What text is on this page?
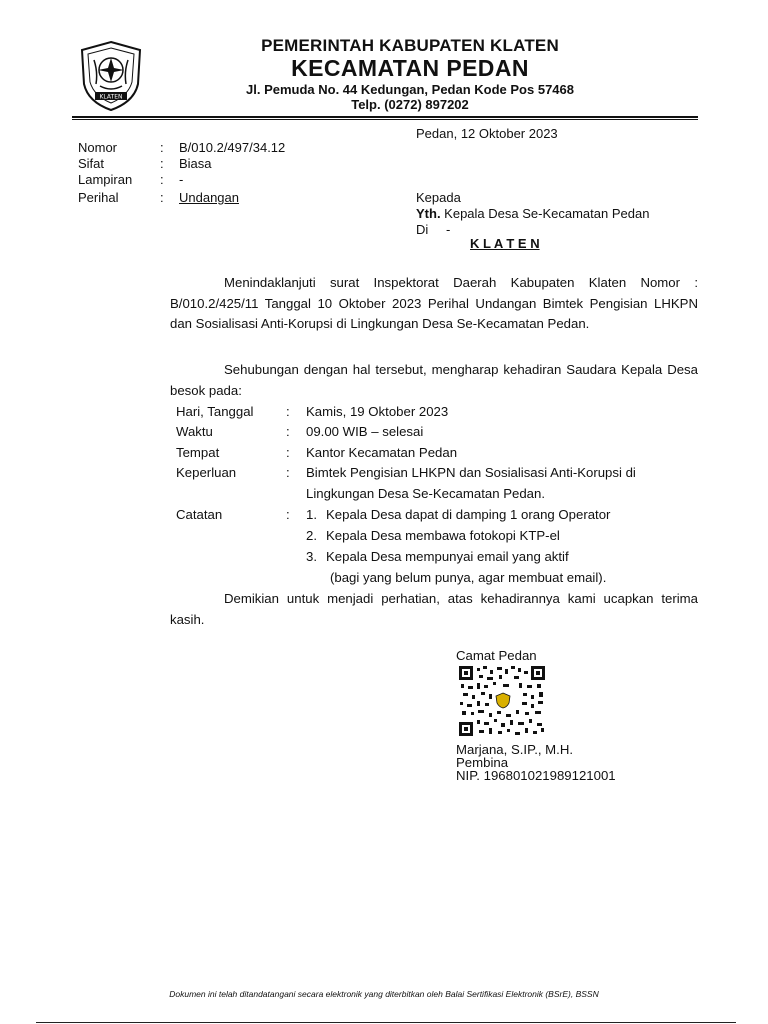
KLATEN
PEMERINTAH KABUPATEN KLATEN
KECAMATAN PEDAN
Jl. Pemuda No. 44 Kedungan, Pedan Kode Pos 57468
Telp. (0272) 897202
Pedan, 12 Oktober 2023
Nomor	: B/010.2/497/34.12
Sifat	: Biasa
Lampiran : -
Perihal	: Undangan	Kepada
Yth. Kepala Desa Se-Kecamatan Pedan
Di -
K L A T E N
Menindaklanjuti surat Inspektorat Daerah Kabupaten Klaten Nomor : B/010.2/425/11 Tanggal 10 Oktober 2023 Perihal Undangan Bimtek Pengisian LHKPN dan Sosialisasi Anti-Korupsi di Lingkungan Desa Se-Kecamatan Pedan.
Sehubungan dengan hal tersebut, mengharap kehadiran Saudara Kepala Desa besok pada:
Hari, Tanggal : Kamis, 19 Oktober 2023
Waktu	: 09.00 WIB – selesai
Tempat	: Kantor Kecamatan Pedan
Keperluan	: Bimtek Pengisian LHKPN dan Sosialisasi Anti-Korupsi di
Lingkungan Desa Se-Kecamatan Pedan.
Catatan	: 1. Kepala Desa dapat di damping 1 orang Operator
2. Kepala Desa membawa fotokopi KTP-el
3. Kepala Desa mempunyai email yang aktif
(bagi yang belum punya, agar membuat email).
Demikian untuk menjadi perhatian, atas kehadirannya kami ucapkan terima kasih.
Camat Pedan
Marjana, S.IP., M.H.
Pembina
NIP. 196801021989121001
Dokumen ini telah ditandatangani secara elektronik yang diterbitkan oleh Balai Sertifikasi Elektronik (BSrE), BSSN
